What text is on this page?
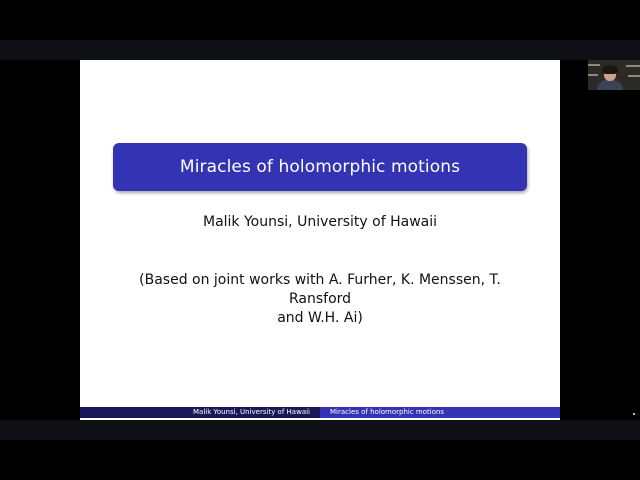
Miracles of holomorphic motions
Malik Younsi, University of Hawaii
(Based on joint works with A. Furher, K. Menssen, T. Ransford
and W.H. Ai)
Malik Younsi, University of Hawaii	Miracles of holomorphic motions
